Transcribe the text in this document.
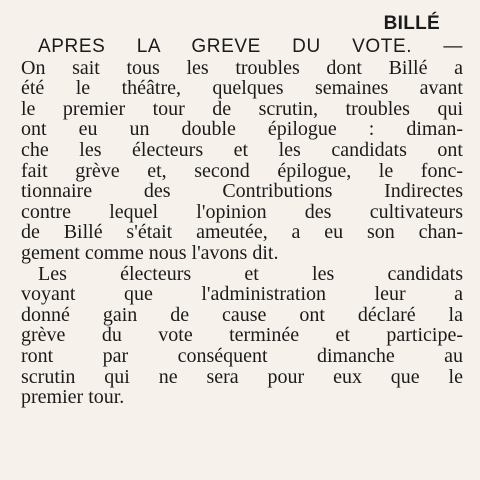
BILLÉ
APRES LA GREVE DU VOTE. —
On sait tous les troubles dont Billé a
été le théâtre, quelques semaines avant
le premier tour de scrutin, troubles qui
ont eu un double épilogue : diman-
che les électeurs et les candidats ont
fait grève et, second épilogue, le fonc-
tionnaire des Contributions Indirectes
contre lequel l'opinion des cultivateurs
de Billé s'était ameutée, a eu son chan-
gement comme nous l'avons dit.
Les électeurs et les candidats
voyant que l'administration leur a
donné gain de cause ont déclaré la
grève du vote terminée et participe-
ront par conséquent dimanche au
scrutin qui ne sera pour eux que le
premier tour.
